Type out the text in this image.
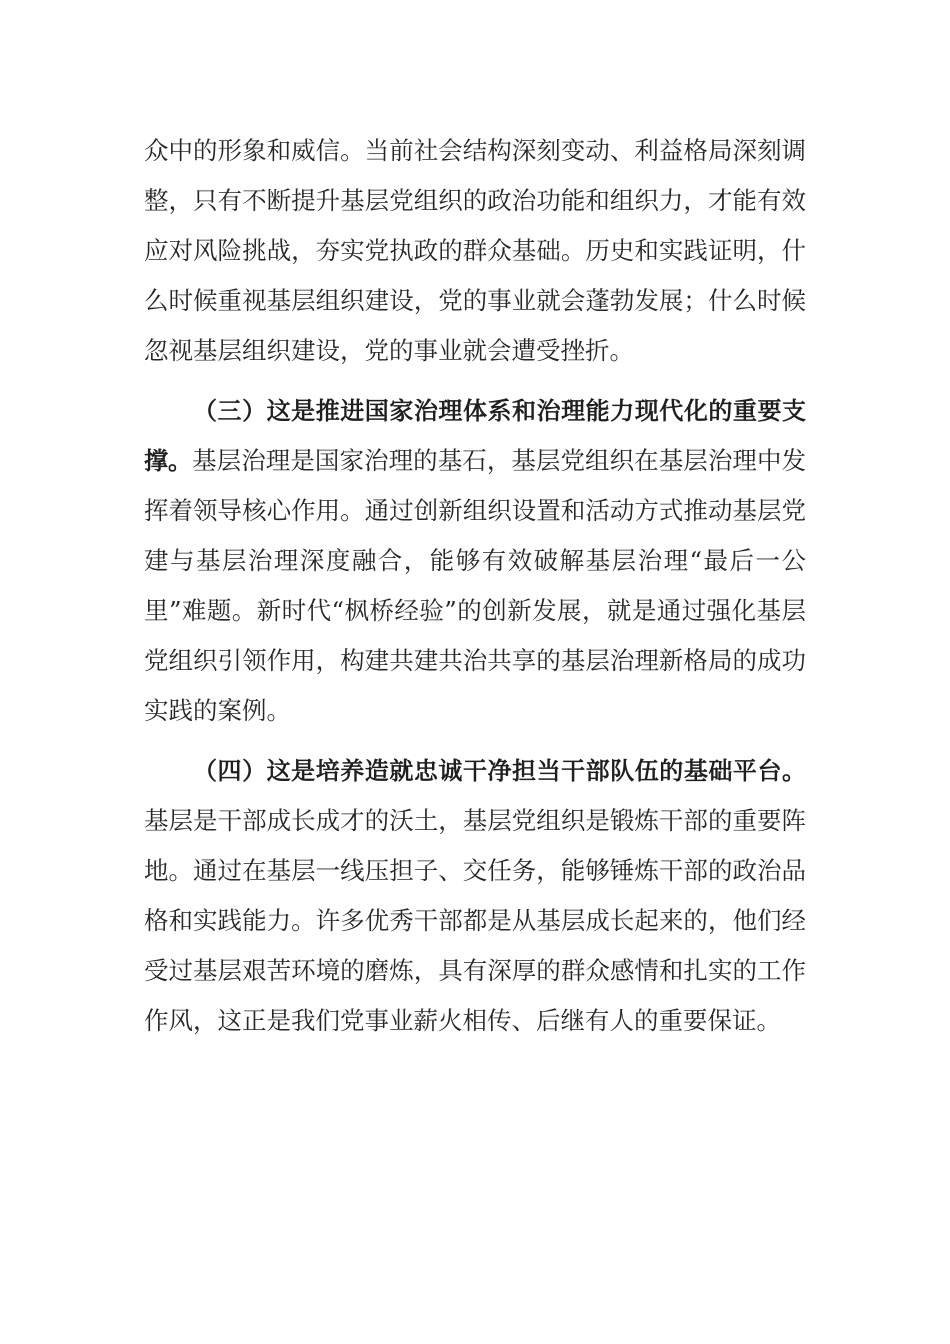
众中的形象和威信。当前社会结构深刻变动、利益格局深刻调整，只有不断提升基层党组织的政治功能和组织力，才能有效应对风险挑战，夯实党执政的群众基础。历史和实践证明，什么时候重视基层组织建设，党的事业就会蓬勃发展；什么时候忽视基层组织建设，党的事业就会遭受挫折。

（三）这是推进国家治理体系和治理能力现代化的重要支撑。基层治理是国家治理的基石，基层党组织在基层治理中发挥着领导核心作用。通过创新组织设置和活动方式推动基层党建与基层治理深度融合，能够有效破解基层治理“最后一公里”难题。新时代“枫桥经验”的创新发展，就是通过强化基层党组织引领作用，构建共建共治共享的基层治理新格局的成功实践的案例。

（四）这是培养造就忠诚干净担当干部队伍的基础平台。基层是干部成长成才的沃土，基层党组织是锻炼干部的重要阵地。通过在基层一线压担子、交任务，能够锤炼干部的政治品格和实践能力。许多优秀干部都是从基层成长起来的，他们经受过基层艰苦环境的磨炼，具有深厚的群众感情和扎实的工作作风，这正是我们党事业薪火相传、后继有人的重要保证。
